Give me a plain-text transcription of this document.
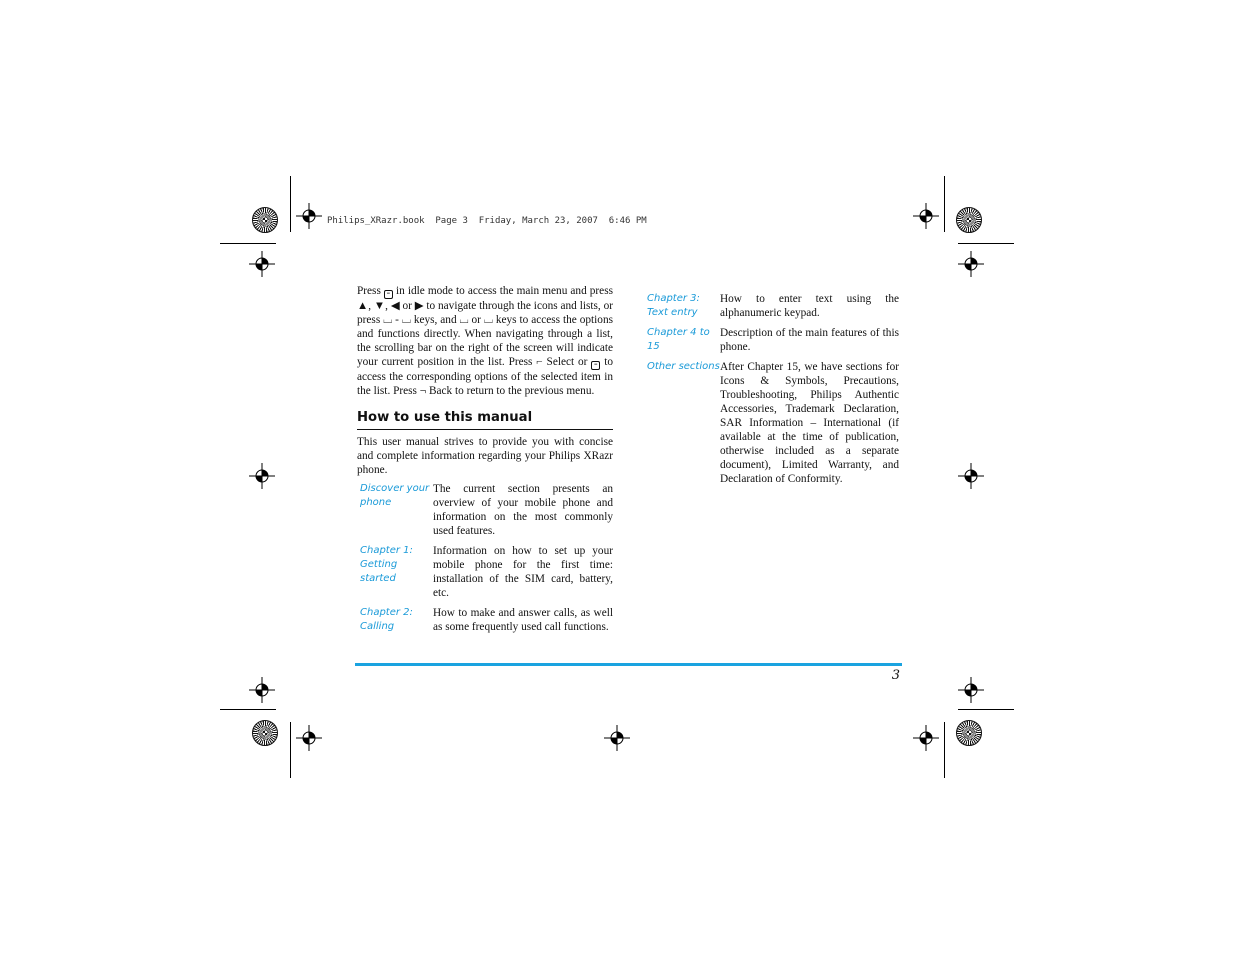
Philips_XRazr.book  Page 3  Friday, March 23, 2007  6:46 PM

Press ≡ in idle mode to access the main menu and press ▲, ▼, ◀ or ▶ to navigate through the icons and lists, or press ⌴ - ⌴ keys, and ⌴ or ⌴ keys to access the options and functions directly. When navigating through a list, the scrolling bar on the right of the screen will indicate your current position in the list. Press ⌐ Select or ≡ to access the corresponding options of the selected item in the list. Press ¬ Back to return to the previous menu.

How to use this manual

This user manual strives to provide you with concise and complete information regarding your Philips XRazr phone.

Discover your phone	The current section presents an overview of your mobile phone and information on the most commonly used features.
Chapter 1: Getting started	Information on how to set up your mobile phone for the first time: installation of the SIM card, battery, etc.
Chapter 2: Calling	How to make and answer calls, as well as some frequently used call functions.
Chapter 3: Text entry	How to enter text using the alphanumeric keypad.
Chapter 4 to 15	Description of the main features of this phone.
Other sections	After Chapter 15, we have sections for Icons & Symbols, Precautions, Troubleshooting, Philips Authentic Accessories, Trademark Declaration, SAR Information – International (if available at the time of publication, otherwise included as a separate document), Limited Warranty, and Declaration of Conformity.
3
